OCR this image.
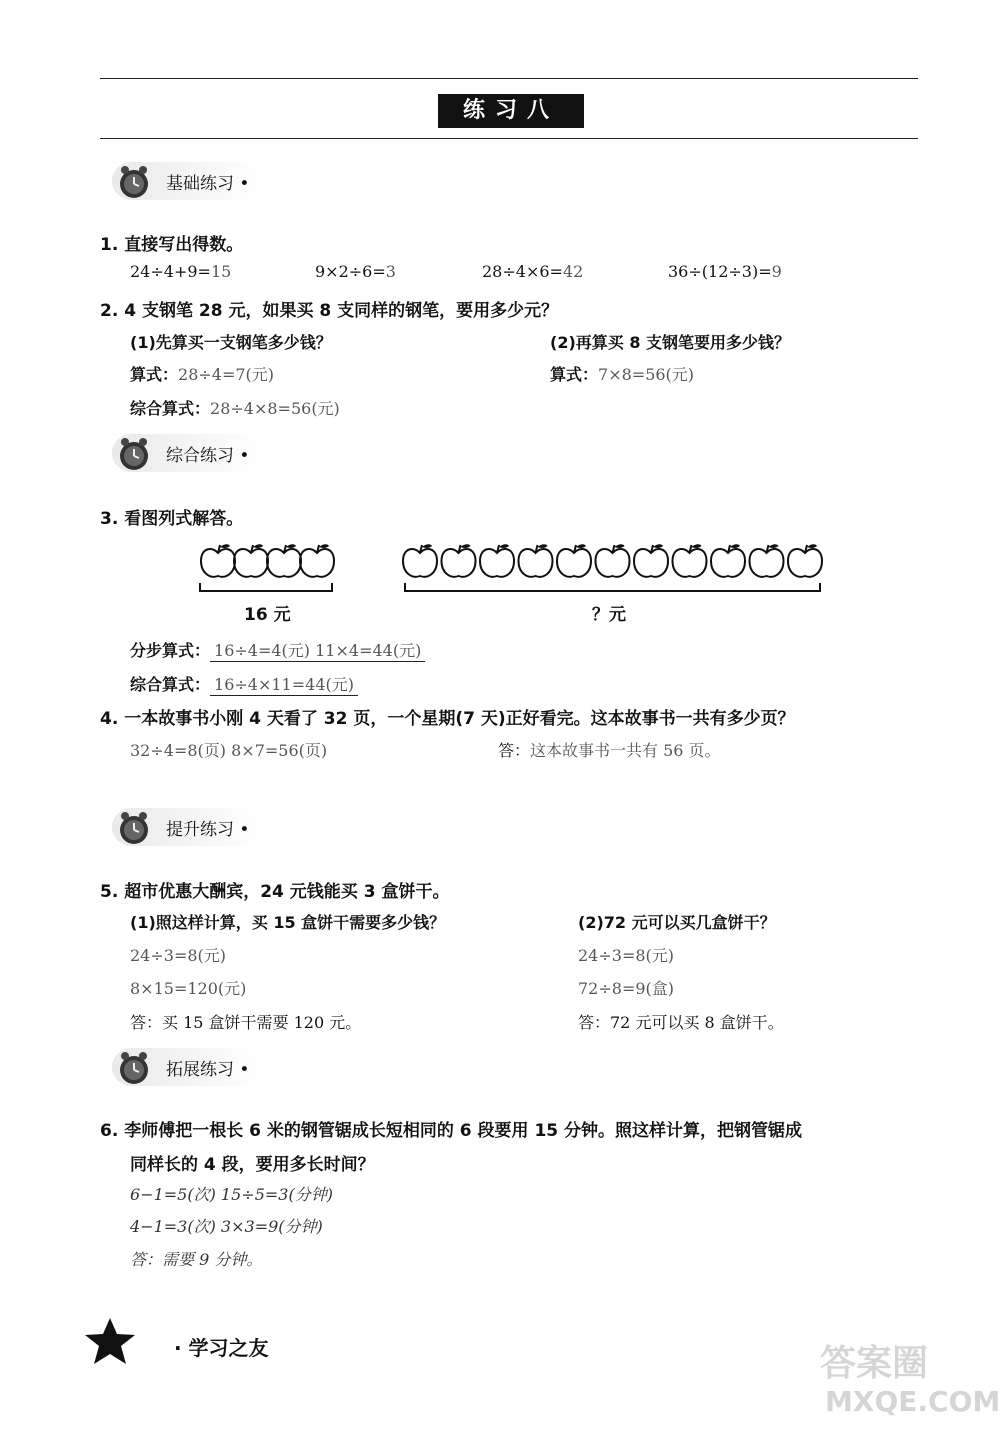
练习八
基础练习 •
1. 直接写出得数。
24÷4+9=15	9×2÷6=3	28÷4×6=42	36÷(12÷3)=9
2. 4 支钢笔 28 元，如果买 8 支同样的钢笔，要用多少元？
(1)先算买一支钢笔多少钱？	(2)再算买 8 支钢笔要用多少钱？
算式：28÷4=7(元)	算式：7×8=56(元)
综合算式：28÷4×8=56(元)
综合练习 •
3. 看图列式解答。
16 元	？元
分步算式： 16÷4=4(元) 11×4=44(元)
综合算式： 16÷4×11=44(元)
4. 一本故事书小刚 4 天看了 32 页，一个星期(7 天)正好看完。这本故事书一共有多少页？
32÷4=8(页) 8×7=56(页)	答：这本故事书一共有 56 页。
提升练习 •
5. 超市优惠大酬宾，24 元钱能买 3 盒饼干。
(1)照这样计算，买 15 盒饼干需要多少钱？	(2)72 元可以买几盒饼干？
24÷3=8(元)	24÷3=8(元)
8×15=120(元)	72÷8=9(盒)
答：买 15 盒饼干需要 120 元。	答：72 元可以买 8 盒饼干。
拓展练习 •
6. 李师傅把一根长 6 米的钢管锯成长短相同的 6 段要用 15 分钟。照这样计算，把钢管锯成
同样长的 4 段，要用多长时间？
6−1=5(次) 15÷5=3(分钟)
4−1=3(次) 3×3=9(分钟)
答：需要 9 分钟。
· 学习之友	答案圈
MXQE.COM
